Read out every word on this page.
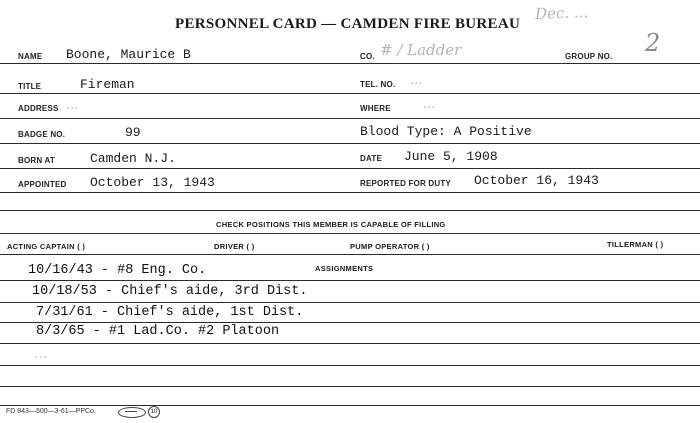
PERSONNEL CARD — CAMDEN FIRE BUREAU
Dec. ...
NAME Boone, Maurice B	CO. # / Ladder	GROUP NO. 2
TITLE	Fireman	TEL. NO. ...
ADDRESS ...	WHERE ...
BADGE NO.	99	Blood Type: A Positive
BORN AT	Camden N.J.	DATE June 5, 1908
APPOINTED October 13, 1943	REPORTED FOR DUTY October 16, 1943
CHECK POSITIONS THIS MEMBER IS CAPABLE OF FILLING
ACTING CAPTAIN ( )	DRIVER ( )	PUMP OPERATOR ( )	TILLERMAN ( )
ASSIGNMENTS
10/16/43 - #8 Eng. Co.
10/18/53 - Chief's aide, 3rd Dist.
7/31/61 - Chief's aide, 1st Dist.
8/3/65 - #1 Lad.Co. #2 Platoon
...
FD 843—500—3-61—PPCo.	10
